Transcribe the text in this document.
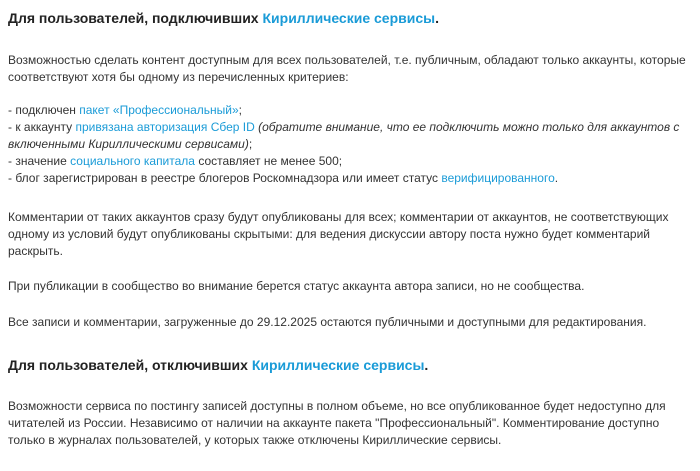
Для пользователей, подключивших Кириллические сервисы.

Возможностью сделать контент доступным для всех пользователей, т.е. публичным, обладают только аккаунты, которые соответствуют хотя бы одному из перечисленных критериев:

- подключен пакет «Профессиональный»;
- к аккаунту привязана авторизация Сбер ID (обратите внимание, что ее подключить можно только для аккаунтов с включенными Кириллическими сервисами);
- значение социального капитала составляет не менее 500;
- блог зарегистрирован в реестре блогеров Роскомнадзора или имеет статус верифицированного.

Комментарии от таких аккаунтов сразу будут опубликованы для всех; комментарии от аккаунтов, не соответствующих одному из условий будут опубликованы скрытыми: для ведения дискуссии автору поста нужно будет комментарий раскрыть.

При публикации в сообщество во внимание берется статус аккаунта автора записи, но не сообщества.

Все записи и комментарии, загруженные до 29.12.2025 остаются публичными и доступными для редактирования.

Для пользователей, отключивших Кириллические сервисы.

Возможности сервиса по постингу записей доступны в полном объеме, но все опубликованное будет недоступно для читателей из России. Независимо от наличии на аккаунте пакета "Профессиональный". Комментирование доступно только в журналах пользователей, у которых также отключены Кириллические сервисы.
